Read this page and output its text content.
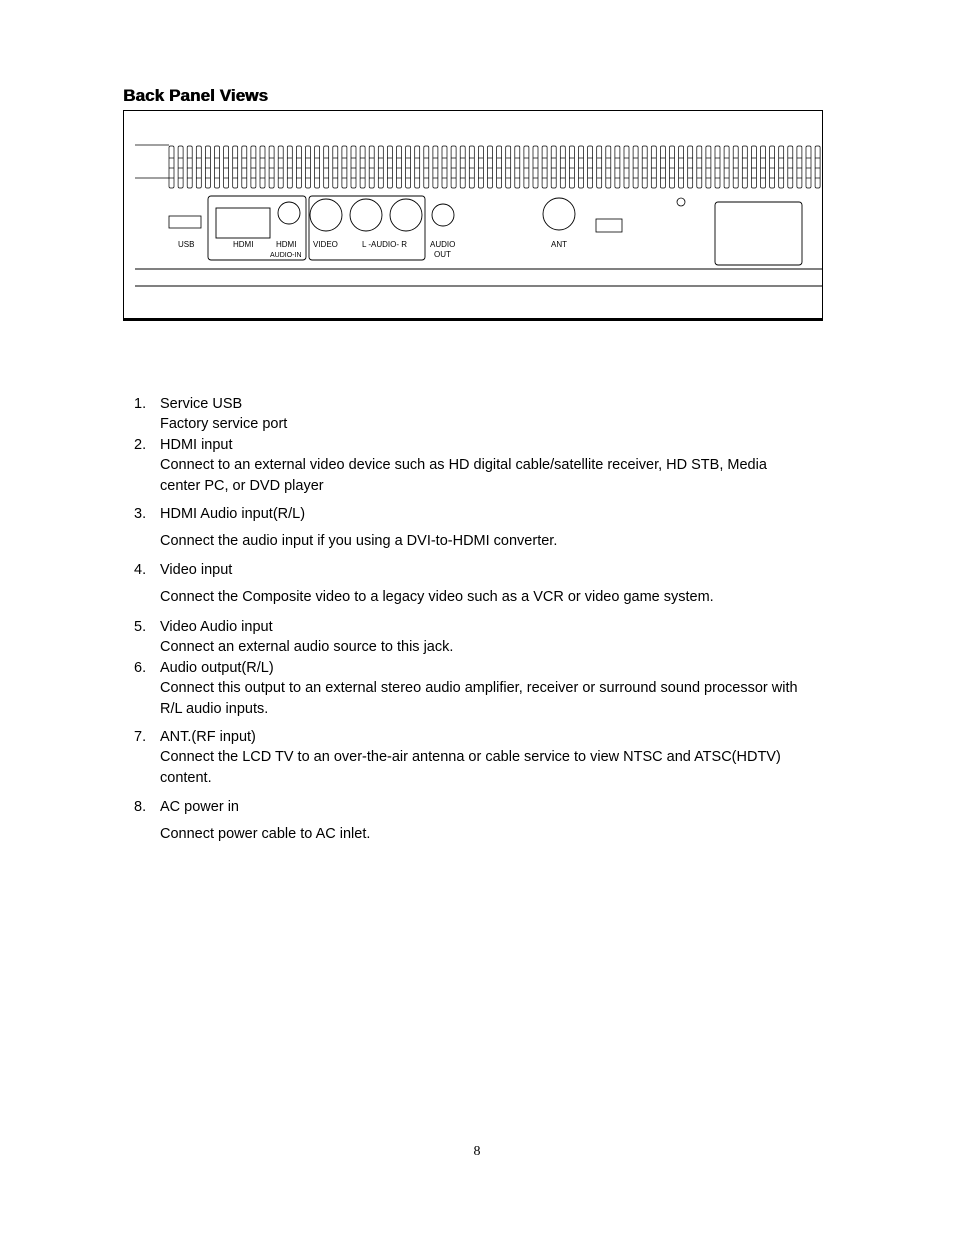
Back Panel Views
USB	HDMI	HDMI
AUDIO-IN
VIDEO	L -AUDIO- R	AUDIO
OUT
ANT
1. Service USB
Factory service port
2. HDMI input
Connect to an external video device such as HD digital cable/satellite receiver, HD STB, Media center PC, or DVD player
3. HDMI Audio input(R/L)
Connect the audio input if you using a DVI-to-HDMI converter.
4. Video input
Connect the Composite video to a legacy video such as a VCR or video game system.
5. Video Audio input
Connect an external audio source to this jack.
6. Audio output(R/L)
Connect this output to an external stereo audio amplifier, receiver or surround sound processor with R/L audio inputs.
7. ANT.(RF input)
Connect the LCD TV to an over-the-air antenna or cable service to view NTSC and ATSC(HDTV) content.
8. AC power in
Connect power cable to AC inlet.
8
